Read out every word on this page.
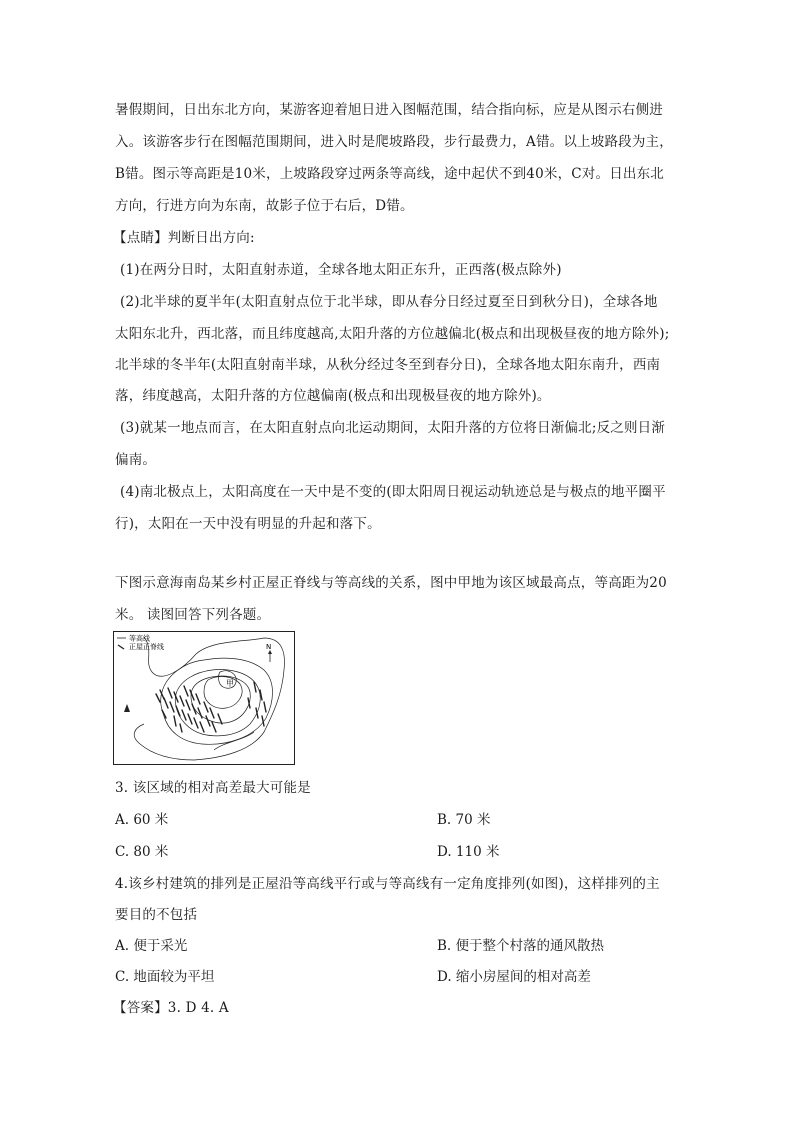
暑假期间，日出东北方向，某游客迎着旭日进入图幅范围，结合指向标，应是从图示右侧进
入。该游客步行在图幅范围期间，进入时是爬坡路段，步行最费力，A错。以上坡路段为主，
B错。图示等高距是10米，上坡路段穿过两条等高线，途中起伏不到40米，C对。日出东北
方向，行进方向为东南，故影子位于右后，D错。
【点睛】判断日出方向:
(1)在两分日时，太阳直射赤道，全球各地太阳正东升，正西落(极点除外)
(2)北半球的夏半年(太阳直射点位于北半球，即从春分日经过夏至日到秋分日)，全球各地
太阳东北升，西北落，而且纬度越高,太阳升落的方位越偏北(极点和出现极昼夜的地方除外);
北半球的冬半年(太阳直射南半球，从秋分经过冬至到春分日)，全球各地太阳东南升，西南
落，纬度越高，太阳升落的方位越偏南(极点和出现极昼夜的地方除外)。
(3)就某一地点而言，在太阳直射点向北运动期间，太阳升落的方位将日渐偏北;反之则日渐
偏南。
(4)南北极点上，太阳高度在一天中是不变的(即太阳周日视运动轨迹总是与极点的地平圈平
行)，太阳在一天中没有明显的升起和落下。
下图示意海南岛某乡村正屋正脊线与等高线的关系，图中甲地为该区域最高点，等高距为20
米。 读图回答下列各题。
等高线
正屋正脊线
甲
N
3. 该区域的相对高差最大可能是
A. 60 米	B. 70 米
C. 80 米	D. 110 米
4.该乡村建筑的排列是正屋沿等高线平行或与等高线有一定角度排列(如图)，这样排列的主
要目的不包括
A. 便于采光	B. 便于整个村落的通风散热
C. 地面较为平坦	D. 缩小房屋间的相对高差
【答案】3. D 4. A
